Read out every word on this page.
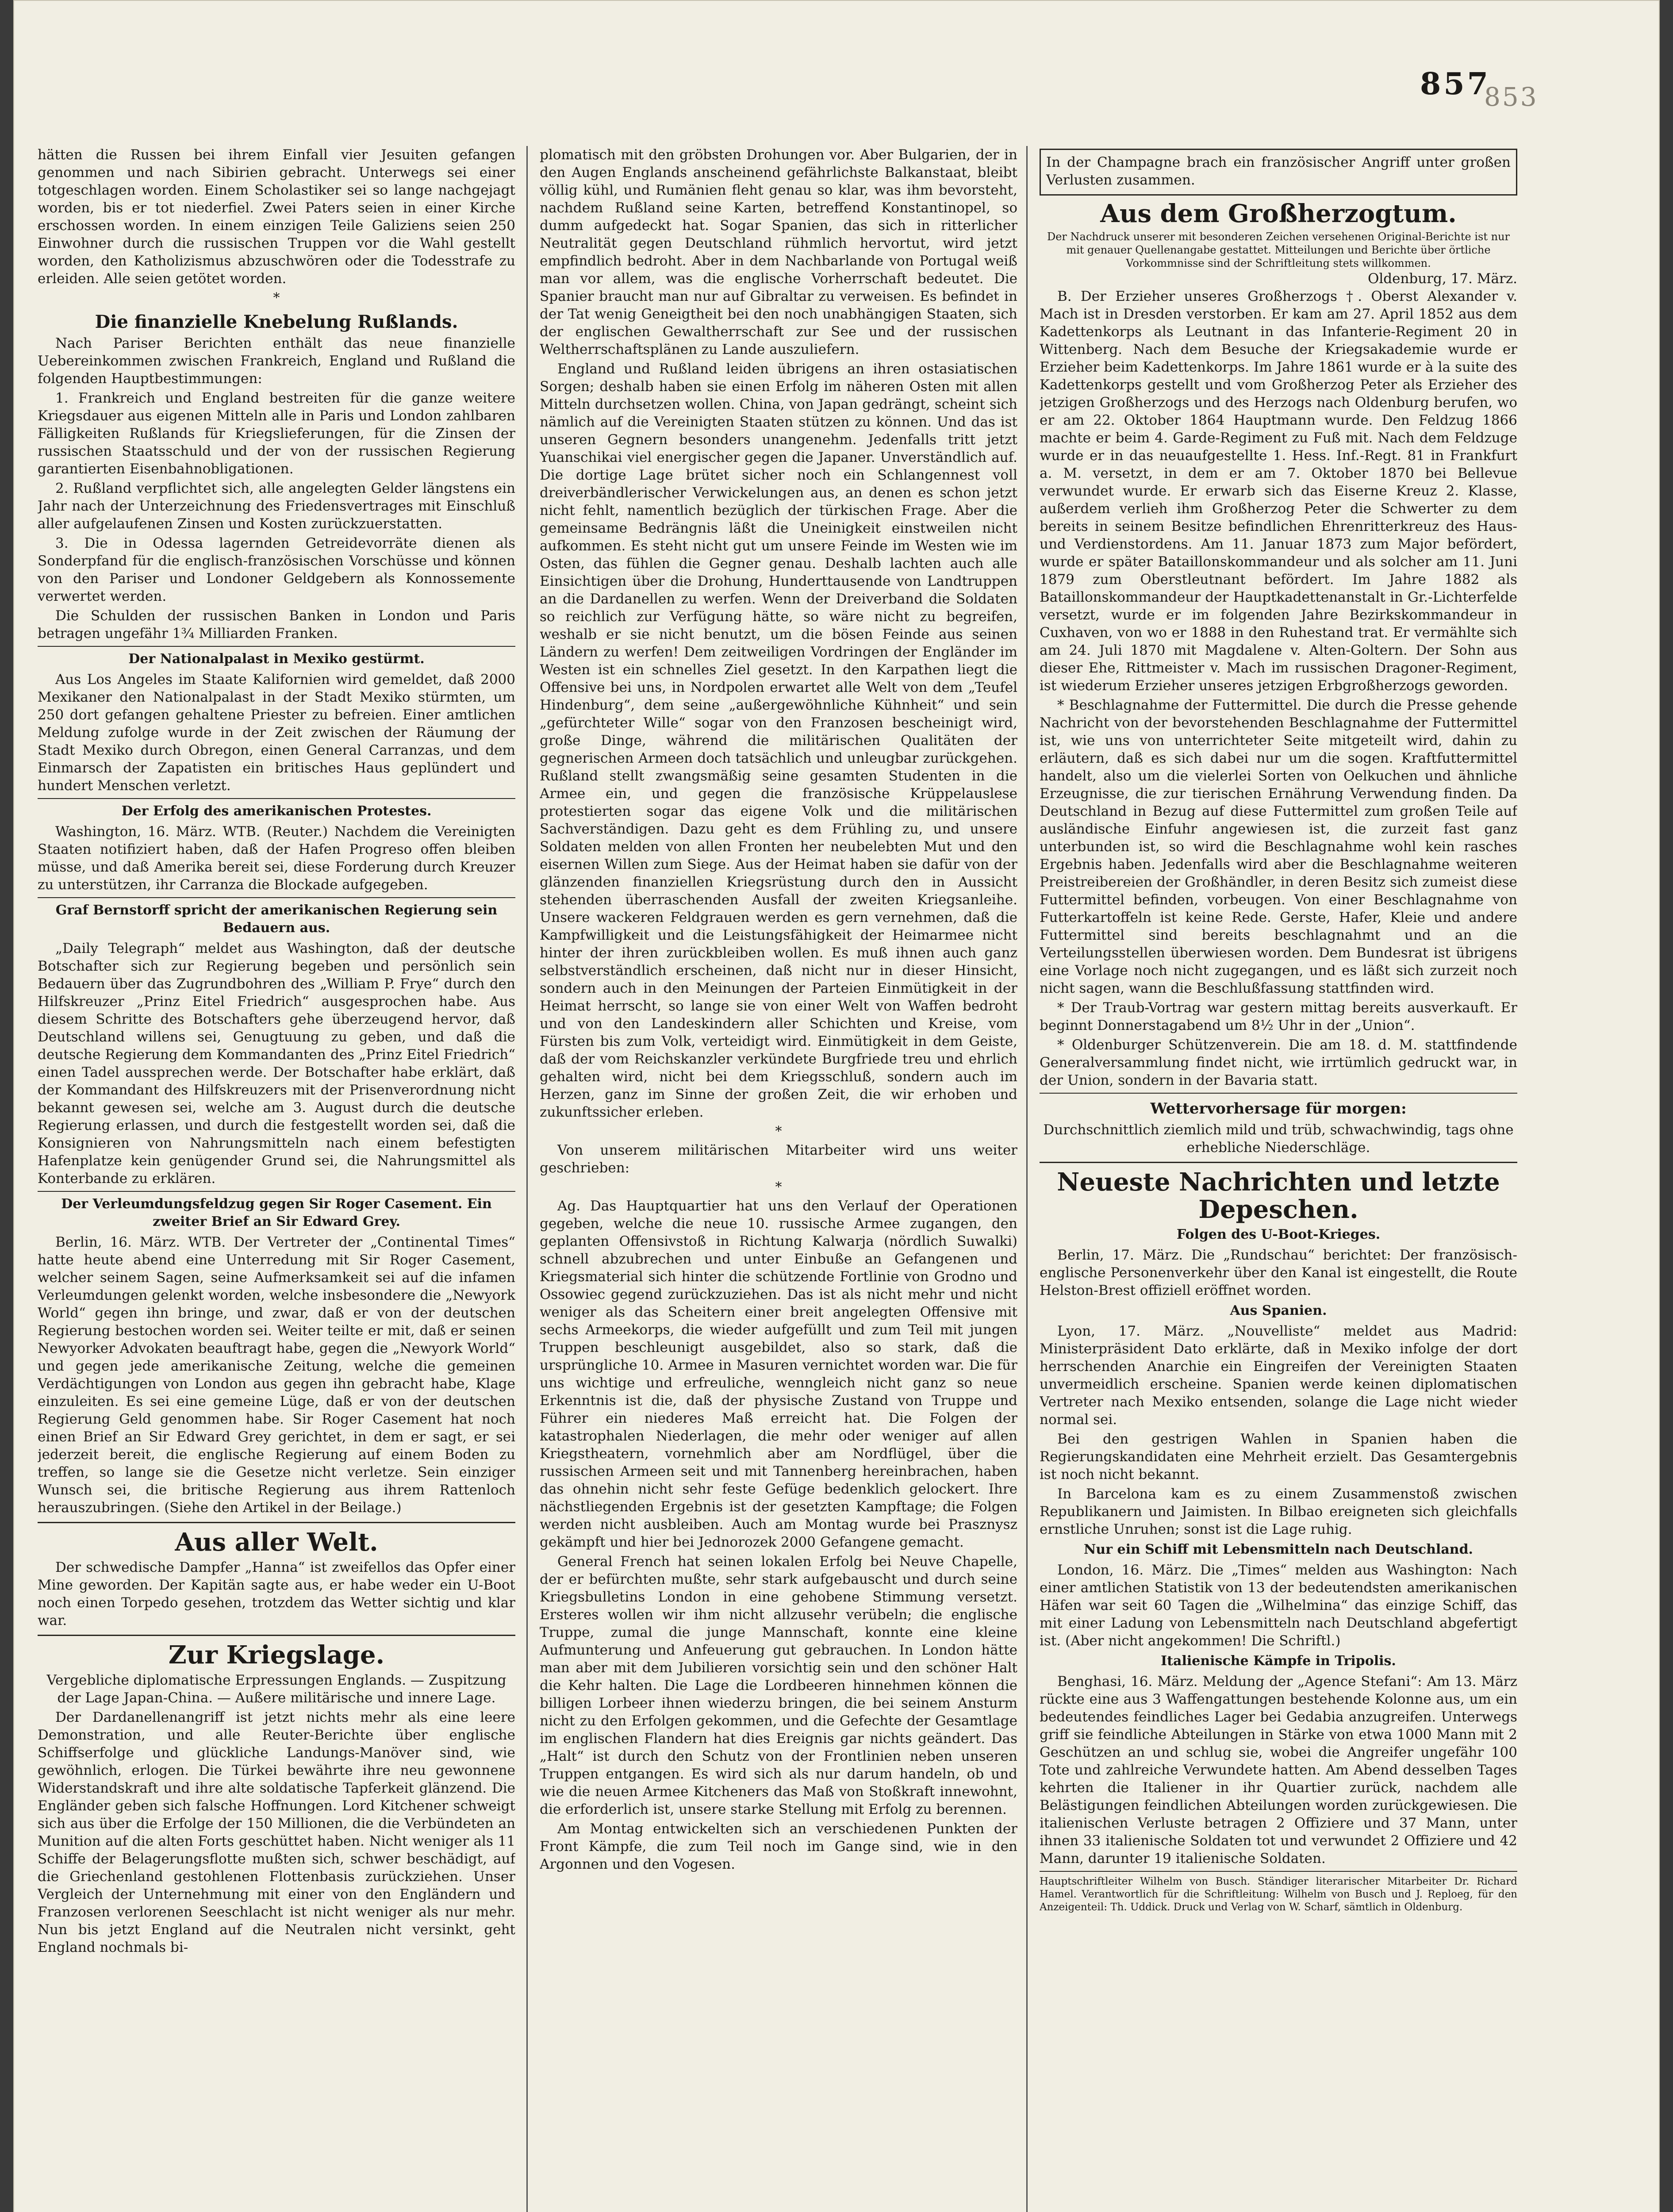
857
853

hätten die Russen bei ihrem Einfall vier Jesuiten gefangen genommen und nach Sibirien gebracht. Unterwegs sei einer totgeschlagen worden. Einem Scholastiker sei so lange nachgejagt worden, bis er tot niederfiel. Zwei Paters seien in einer Kirche erschossen worden. In einem einzigen Teile Galiziens seien 250 Einwohner durch die russischen Truppen vor die Wahl gestellt worden, den Katholizismus abzuschwören oder die Todesstrafe zu erleiden. Alle seien getötet worden.

*
Die finanzielle Knebelung Rußlands.

Nach Pariser Berichten enthält das neue finanzielle Uebereinkommen zwischen Frankreich, England und Rußland die folgenden Hauptbestimmungen:

1. Frankreich und England bestreiten für die ganze weitere Kriegsdauer aus eigenen Mitteln alle in Paris und London zahlbaren Fälligkeiten Rußlands für Kriegslieferungen, für die Zinsen der russischen Staatsschuld und der von der russischen Regierung garantierten Eisenbahnobligationen.

2. Rußland verpflichtet sich, alle angelegten Gelder längstens ein Jahr nach der Unterzeichnung des Friedensvertrages mit Einschluß aller aufgelaufenen Zinsen und Kosten zurückzuerstatten.

3. Die in Odessa lagernden Getreidevorräte dienen als Sonderpfand für die englisch-französischen Vorschüsse und können von den Pariser und Londoner Geldgebern als Konnossemente verwertet werden.

Die Schulden der russischen Banken in London und Paris betragen ungefähr 1¾ Milliarden Franken.

Der Nationalpalast in Mexiko gestürmt.

Aus Los Angeles im Staate Kalifornien wird gemeldet, daß 2000 Mexikaner den Nationalpalast in der Stadt Mexiko stürmten, um 250 dort gefangen gehaltene Priester zu befreien. Einer amtlichen Meldung zufolge wurde in der Zeit zwischen der Räumung der Stadt Mexiko durch Obregon, einen General Carranzas, und dem Einmarsch der Zapatisten ein britisches Haus geplündert und hundert Menschen verletzt.

Der Erfolg des amerikanischen Protestes.

Washington, 16. März. WTB. (Reuter.) Nachdem die Vereinigten Staaten notifiziert haben, daß der Hafen Progreso offen bleiben müsse, und daß Amerika bereit sei, diese Forderung durch Kreuzer zu unterstützen, ihr Carranza die Blockade aufgegeben.

Graf Bernstorff spricht der amerikanischen Regierung sein Bedauern aus.

„Daily Telegraph“ meldet aus Washington, daß der deutsche Botschafter sich zur Regierung begeben und persönlich sein Bedauern über das Zugrundbohren des „William P. Frye“ durch den Hilfskreuzer „Prinz Eitel Friedrich“ ausgesprochen habe. Aus diesem Schritte des Botschafters gehe überzeugend hervor, daß Deutschland willens sei, Genugtuung zu geben, und daß die deutsche Regierung dem Kommandanten des „Prinz Eitel Friedrich“ einen Tadel aussprechen werde. Der Botschafter habe erklärt, daß der Kommandant des Hilfskreuzers mit der Prisenverordnung nicht bekannt gewesen sei, welche am 3. August durch die deutsche Regierung erlassen, und durch die festgestellt worden sei, daß die Konsignieren von Nahrungsmitteln nach einem befestigten Hafenplatze kein genügender Grund sei, die Nahrungsmittel als Konterbande zu erklären.

Der Verleumdungsfeldzug gegen Sir Roger Casement. Ein zweiter Brief an Sir Edward Grey.

Berlin, 16. März. WTB. Der Vertreter der „Continental Times“ hatte heute abend eine Unterredung mit Sir Roger Casement, welcher seinem Sagen, seine Aufmerksamkeit sei auf die infamen Verleumdungen gelenkt worden, welche insbesondere die „Newyork World“ gegen ihn bringe, und zwar, daß er von der deutschen Regierung bestochen worden sei. Weiter teilte er mit, daß er seinen Newyorker Advokaten beauftragt habe, gegen die „Newyork World“ und gegen jede amerikanische Zeitung, welche die gemeinen Verdächtigungen von London aus gegen ihn gebracht habe, Klage einzuleiten. Es sei eine gemeine Lüge, daß er von der deutschen Regierung Geld genommen habe. Sir Roger Casement hat noch einen Brief an Sir Edward Grey gerichtet, in dem er sagt, er sei jederzeit bereit, die englische Regierung auf einem Boden zu treffen, so lange sie die Gesetze nicht verletze. Sein einziger Wunsch sei, die britische Regierung aus ihrem Rattenloch herauszubringen. (Siehe den Artikel in der Beilage.)

Aus aller Welt.

Der schwedische Dampfer „Hanna“ ist zweifellos das Opfer einer Mine geworden. Der Kapitän sagte aus, er habe weder ein U-Boot noch einen Torpedo gesehen, trotzdem das Wetter sichtig und klar war.

Zur Kriegslage.

Vergebliche diplomatische Erpressungen Englands. — Zuspitzung der Lage Japan-China. — Außere militärische und innere Lage.

Der Dardanellenangriff ist jetzt nichts mehr als eine leere Demonstration, und alle Reuter-Berichte über englische Schiffserfolge und glückliche Landungs-Manöver sind, wie gewöhnlich, erlogen. Die Türkei bewährte ihre neu gewonnene Widerstandskraft und ihre alte soldatische Tapferkeit glänzend. Die Engländer geben sich falsche Hoffnungen. Lord Kitchener schweigt sich aus über die Erfolge der 150 Millionen, die die Verbündeten an Munition auf die alten Forts geschüttet haben. Nicht weniger als 11 Schiffe der Belagerungsflotte mußten sich, schwer beschädigt, auf die Griechenland gestohlenen Flottenbasis zurückziehen. Unser Vergleich der Unternehmung mit einer von den Engländern und Franzosen verlorenen Seeschlacht ist nicht weniger als nur mehr. Nun bis jetzt England auf die Neutralen nicht versinkt, geht England nochmals bi-

plomatisch mit den gröbsten Drohungen vor. Aber Bulgarien, der in den Augen Englands anscheinend gefährlichste Balkanstaat, bleibt völlig kühl, und Rumänien fleht genau so klar, was ihm bevorsteht, nachdem Rußland seine Karten, betreffend Konstantinopel, so dumm aufgedeckt hat. Sogar Spanien, das sich in ritterlicher Neutralität gegen Deutschland rühmlich hervortut, wird jetzt empfindlich bedroht. Aber in dem Nachbarlande von Portugal weiß man vor allem, was die englische Vorherrschaft bedeutet. Die Spanier braucht man nur auf Gibraltar zu verweisen. Es befindet in der Tat wenig Geneigtheit bei den noch unabhängigen Staaten, sich der englischen Gewaltherrschaft zur See und der russischen Weltherrschaftsplänen zu Lande auszuliefern.

England und Rußland leiden übrigens an ihren ostasiatischen Sorgen; deshalb haben sie einen Erfolg im näheren Osten mit allen Mitteln durchsetzen wollen. China, von Japan gedrängt, scheint sich nämlich auf die Vereinigten Staaten stützen zu können. Und das ist unseren Gegnern besonders unangenehm. Jedenfalls tritt jetzt Yuanschikai viel energischer gegen die Japaner. Unverständlich auf. Die dortige Lage brütet sicher noch ein Schlangennest voll dreiverbändlerischer Verwickelungen aus, an denen es schon jetzt nicht fehlt, namentlich bezüglich der türkischen Frage. Aber die gemeinsame Bedrängnis läßt die Uneinigkeit einstweilen nicht aufkommen. Es steht nicht gut um unsere Feinde im Westen wie im Osten, das fühlen die Gegner genau. Deshalb lachten auch alle Einsichtigen über die Drohung, Hunderttausende von Landtruppen an die Dardanellen zu werfen. Wenn der Dreiverband die Soldaten so reichlich zur Verfügung hätte, so wäre nicht zu begreifen, weshalb er sie nicht benutzt, um die bösen Feinde aus seinen Ländern zu werfen! Dem zeitweiligen Vordringen der Engländer im Westen ist ein schnelles Ziel gesetzt. In den Karpathen liegt die Offensive bei uns, in Nordpolen erwartet alle Welt von dem „Teufel Hindenburg“, dem seine „außergewöhnliche Kühnheit“ und sein „gefürchteter Wille“ sogar von den Franzosen bescheinigt wird, große Dinge, während die militärischen Qualitäten der gegnerischen Armeen doch tatsächlich und unleugbar zurückgehen. Rußland stellt zwangsmäßig seine gesamten Studenten in die Armee ein, und gegen die französische Krüppelauslese protestierten sogar das eigene Volk und die militärischen Sachverständigen. Dazu geht es dem Frühling zu, und unsere Soldaten melden von allen Fronten her neubelebten Mut und den eisernen Willen zum Siege. Aus der Heimat haben sie dafür von der glänzenden finanziellen Kriegsrüstung durch den in Aussicht stehenden überraschenden Ausfall der zweiten Kriegsanleihe. Unsere wackeren Feldgrauen werden es gern vernehmen, daß die Kampfwilligkeit und die Leistungsfähigkeit der Heimarmee nicht hinter der ihren zurückbleiben wollen. Es muß ihnen auch ganz selbstverständlich erscheinen, daß nicht nur in dieser Hinsicht, sondern auch in den Meinungen der Parteien Einmütigkeit in der Heimat herrscht, so lange sie von einer Welt von Waffen bedroht und von den Landeskindern aller Schichten und Kreise, vom Fürsten bis zum Volk, verteidigt wird. Einmütigkeit in dem Geiste, daß der vom Reichskanzler verkündete Burgfriede treu und ehrlich gehalten wird, nicht bei dem Kriegsschluß, sondern auch im Herzen, ganz im Sinne der großen Zeit, die wir erhoben und zukunftssicher erleben.

*

Von unserem militärischen Mitarbeiter wird uns weiter geschrieben:

*

Ag. Das Hauptquartier hat uns den Verlauf der Operationen gegeben, welche die neue 10. russische Armee zugangen, den geplanten Offensivstoß in Richtung Kalwarja (nördlich Suwalki) schnell abzubrechen und unter Einbuße an Gefangenen und Kriegsmaterial sich hinter die schützende Fortlinie von Grodno und Ossowiec gegend zurückzuziehen. Das ist als nicht mehr und nicht weniger als das Scheitern einer breit angelegten Offensive mit sechs Armeekorps, die wieder aufgefüllt und zum Teil mit jungen Truppen beschleunigt ausgebildet, also so stark, daß die ursprüngliche 10. Armee in Masuren vernichtet worden war. Die für uns wichtige und erfreuliche, wenngleich nicht ganz so neue Erkenntnis ist die, daß der physische Zustand von Truppe und Führer ein niederes Maß erreicht hat. Die Folgen der katastrophalen Niederlagen, die mehr oder weniger auf allen Kriegstheatern, vornehmlich aber am Nordflügel, über die russischen Armeen seit und mit Tannenberg hereinbrachen, haben das ohnehin nicht sehr feste Gefüge bedenklich gelockert. Ihre nächstliegenden Ergebnis ist der gesetzten Kampftage; die Folgen werden nicht ausbleiben. Auch am Montag wurde bei Prasznysz gekämpft und hier bei Jednorozek 2000 Gefangene gemacht.

General French hat seinen lokalen Erfolg bei Neuve Chapelle, der er befürchten mußte, sehr stark aufgebauscht und durch seine Kriegsbulletins London in eine gehobene Stimmung versetzt. Ersteres wollen wir ihm nicht allzusehr verübeln; die englische Truppe, zumal die junge Mannschaft, konnte eine kleine Aufmunterung und Anfeuerung gut gebrauchen. In London hätte man aber mit dem Jubilieren vorsichtig sein und den schöner Halt die Kehr halten. Die Lage die Lordbeeren hinnehmen können die billigen Lorbeer ihnen wiederzu bringen, die bei seinem Ansturm nicht zu den Erfolgen gekommen, und die Gefechte der Gesamtlage im englischen Flandern hat dies Ereignis gar nichts geändert. Das „Halt“ ist durch den Schutz von der Frontlinien neben unseren Truppen entgangen. Es wird sich als nur darum handeln, ob und wie die neuen Armee Kitcheners das Maß von Stoßkraft innewohnt, die erforderlich ist, unsere starke Stellung mit Erfolg zu berennen.

Am Montag entwickelten sich an verschiedenen Punkten der Front Kämpfe, die zum Teil noch im Gange sind, wie in den Argonnen und den Vogesen.

In der Champagne brach ein französischer Angriff unter großen Verlusten zusammen.

Aus dem Großherzogtum.
Der Nachdruck unserer mit besonderen Zeichen versehenen Original-Berichte ist nur mit genauer Quellenangabe gestattet. Mitteilungen und Berichte über örtliche Vorkommnisse sind der Schriftleitung stets willkommen.
Oldenburg, 17. März.

B. Der Erzieher unseres Großherzogs †. Oberst Alexander v. Mach ist in Dresden verstorben. Er kam am 27. April 1852 aus dem Kadettenkorps als Leutnant in das Infanterie-Regiment 20 in Wittenberg. Nach dem Besuche der Kriegsakademie wurde er Erzieher beim Kadettenkorps. Im Jahre 1861 wurde er à la suite des Kadettenkorps gestellt und vom Großherzog Peter als Erzieher des jetzigen Großherzogs und des Herzogs nach Oldenburg berufen, wo er am 22. Oktober 1864 Hauptmann wurde. Den Feldzug 1866 machte er beim 4. Garde-Regiment zu Fuß mit. Nach dem Feldzuge wurde er in das neuaufgestellte 1. Hess. Inf.-Regt. 81 in Frankfurt a. M. versetzt, in dem er am 7. Oktober 1870 bei Bellevue verwundet wurde. Er erwarb sich das Eiserne Kreuz 2. Klasse, außerdem verlieh ihm Großherzog Peter die Schwerter zu dem bereits in seinem Besitze befindlichen Ehrenritterkreuz des Haus- und Verdienstordens. Am 11. Januar 1873 zum Major befördert, wurde er später Bataillonskommandeur und als solcher am 11. Juni 1879 zum Oberstleutnant befördert. Im Jahre 1882 als Bataillonskommandeur der Hauptkadettenanstalt in Gr.-Lichterfelde versetzt, wurde er im folgenden Jahre Bezirkskommandeur in Cuxhaven, von wo er 1888 in den Ruhestand trat. Er vermählte sich am 24. Juli 1870 mit Magdalene v. Alten-Goltern. Der Sohn aus dieser Ehe, Rittmeister v. Mach im russischen Dragoner-Regiment, ist wiederum Erzieher unseres jetzigen Erbgroßherzogs geworden.

* Beschlagnahme der Futtermittel. Die durch die Presse gehende Nachricht von der bevorstehenden Beschlagnahme der Futtermittel ist, wie uns von unterrichteter Seite mitgeteilt wird, dahin zu erläutern, daß es sich dabei nur um die sogen. Kraftfuttermittel handelt, also um die vielerlei Sorten von Oelkuchen und ähnliche Erzeugnisse, die zur tierischen Ernährung Verwendung finden. Da Deutschland in Bezug auf diese Futtermittel zum großen Teile auf ausländische Einfuhr angewiesen ist, die zurzeit fast ganz unterbunden ist, so wird die Beschlagnahme wohl kein rasches Ergebnis haben. Jedenfalls wird aber die Beschlagnahme weiteren Preistreibereien der Großhändler, in deren Besitz sich zumeist diese Futtermittel befinden, vorbeugen. Von einer Beschlagnahme von Futterkartoffeln ist keine Rede. Gerste, Hafer, Kleie und andere Futtermittel sind bereits beschlagnahmt und an die Verteilungsstellen überwiesen worden. Dem Bundesrat ist übrigens eine Vorlage noch nicht zugegangen, und es läßt sich zurzeit noch nicht sagen, wann die Beschlußfassung stattfinden wird.

* Der Traub-Vortrag war gestern mittag bereits ausverkauft. Er beginnt Donnerstagabend um 8½ Uhr in der „Union“.

* Oldenburger Schützenverein. Die am 18. d. M. stattfindende Generalversammlung findet nicht, wie irrtümlich gedruckt war, in der Union, sondern in der Bavaria statt.

Wettervorhersage für morgen:

Durchschnittlich ziemlich mild und trüb, schwachwindig, tags ohne erhebliche Niederschläge.

Neueste Nachrichten und letzte Depeschen.
Folgen des U-Boot-Krieges.

Berlin, 17. März. Die „Rundschau“ berichtet: Der französisch-englische Personenverkehr über den Kanal ist eingestellt, die Route Helston-Brest offiziell eröffnet worden.

Aus Spanien.

Lyon, 17. März. „Nouvelliste“ meldet aus Madrid: Ministerpräsident Dato erklärte, daß in Mexiko infolge der dort herrschenden Anarchie ein Eingreifen der Vereinigten Staaten unvermeidlich erscheine. Spanien werde keinen diplomatischen Vertreter nach Mexiko entsenden, solange die Lage nicht wieder normal sei.

Bei den gestrigen Wahlen in Spanien haben die Regierungskandidaten eine Mehrheit erzielt. Das Gesamtergebnis ist noch nicht bekannt.

In Barcelona kam es zu einem Zusammenstoß zwischen Republikanern und Jaimisten. In Bilbao ereigneten sich gleichfalls ernstliche Unruhen; sonst ist die Lage ruhig.

Nur ein Schiff mit Lebensmitteln nach Deutschland.

London, 16. März. Die „Times“ melden aus Washington: Nach einer amtlichen Statistik von 13 der bedeutendsten amerikanischen Häfen war seit 60 Tagen die „Wilhelmina“ das einzige Schiff, das mit einer Ladung von Lebensmitteln nach Deutschland abgefertigt ist. (Aber nicht angekommen! Die Schriftl.)

Italienische Kämpfe in Tripolis.

Benghasi, 16. März. Meldung der „Agence Stefani“: Am 13. März rückte eine aus 3 Waffengattungen bestehende Kolonne aus, um ein bedeutendes feindliches Lager bei Gedabia anzugreifen. Unterwegs griff sie feindliche Abteilungen in Stärke von etwa 1000 Mann mit 2 Geschützen an und schlug sie, wobei die Angreifer ungefähr 100 Tote und zahlreiche Verwundete hatten. Am Abend desselben Tages kehrten die Italiener in ihr Quartier zurück, nachdem alle Belästigungen feindlichen Abteilungen worden zurückgewiesen. Die italienischen Verluste betragen 2 Offiziere und 37 Mann, unter ihnen 33 italienische Soldaten tot und verwundet 2 Offiziere und 42 Mann, darunter 19 italienische Soldaten.

Hauptschriftleiter Wilhelm von Busch. Ständiger literarischer Mitarbeiter Dr. Richard Hamel. Verantwortlich für die Schriftleitung: Wilhelm von Busch und J. Reploeg, für den Anzeigenteil: Th. Uddick. Druck und Verlag von W. Scharf, sämtlich in Oldenburg.
